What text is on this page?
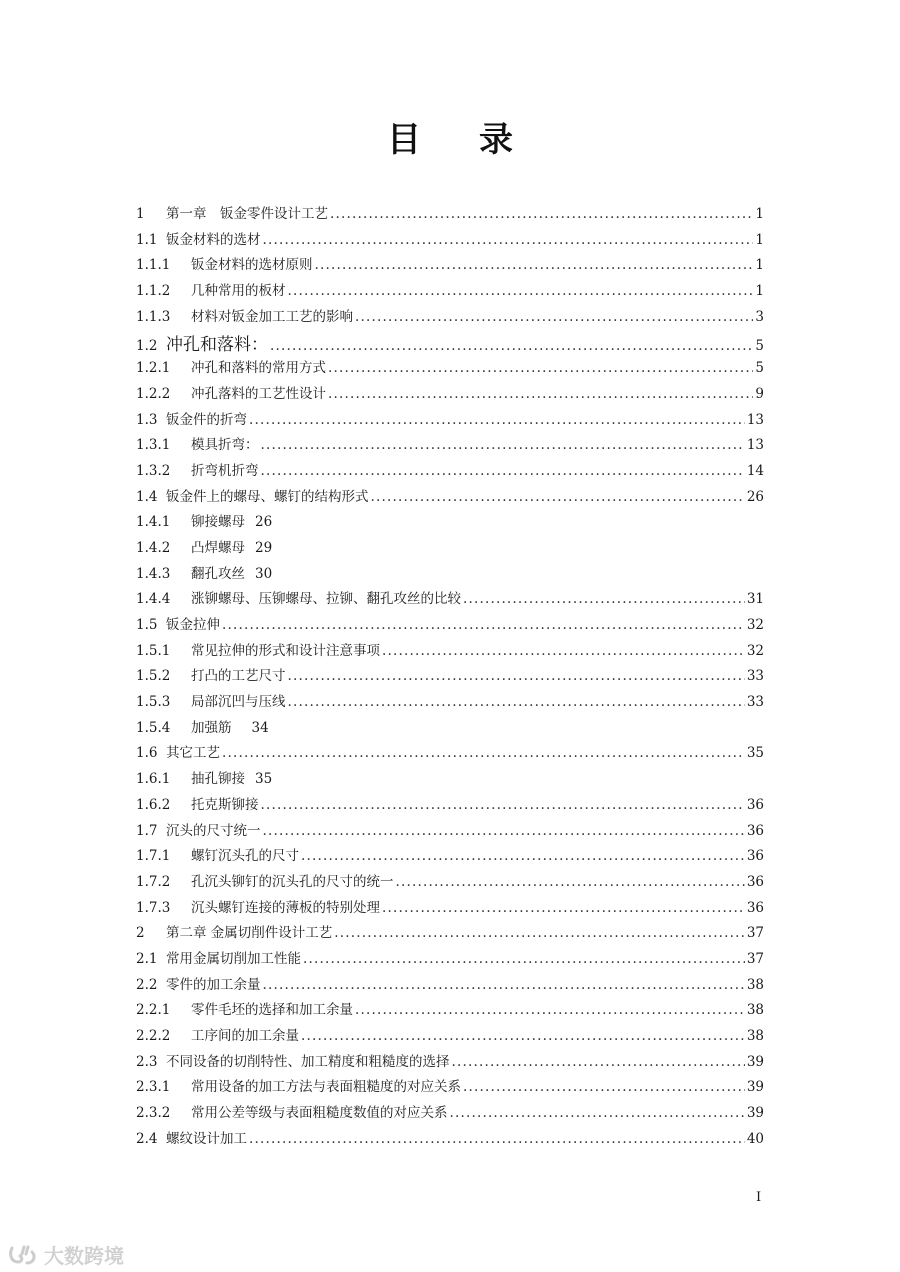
目 录
1	第一章　钣金零件设计工艺 .....	1
1.1 钣金材料的选材 .....	1
1.1.1	钣金材料的选材原则 .....	1
1.1.2	几种常用的板材 .....	1
1.1.3	材料对钣金加工工艺的影响 .....	3
1.2 冲孔和落料： .....	5
1.2.1	冲孔和落料的常用方式 .....	5
1.2.2	冲孔落料的工艺性设计 .....	9
1.3 钣金件的折弯 .....	13
1.3.1	模具折弯： .....	13
1.3.2	折弯机折弯 .....	14
1.4 钣金件上的螺母、螺钉的结构形式 .....	26
1.4.1	铆接螺母 26
1.4.2	凸焊螺母 29
1.4.3	翻孔攻丝 30
1.4.4	涨铆螺母、压铆螺母、拉铆、翻孔攻丝的比较 .....	31
1.5 钣金拉伸 .....	32
1.5.1	常见拉伸的形式和设计注意事项 .....	32
1.5.2	打凸的工艺尺寸 .....	33
1.5.3	局部沉凹与压线 .....	33
1.5.4	加强筋 34
1.6 其它工艺 .....	35
1.6.1	抽孔铆接 35
1.6.2	托克斯铆接 .....	36
1.7 沉头的尺寸统一 .....	36
1.7.1	螺钉沉头孔的尺寸 .....	36
1.7.2	孔沉头铆钉的沉头孔的尺寸的统一 .....	36
1.7.3	沉头螺钉连接的薄板的特别处理 .....	36
2	第二章 金属切削件设计工艺 .....	37
2.1 常用金属切削加工性能 .....	37
2.2 零件的加工余量 .....	38
2.2.1	零件毛坯的选择和加工余量 .....	38
2.2.2	工序间的加工余量 .....	38
2.3 不同设备的切削特性、加工精度和粗糙度的选择 .....	39
2.3.1	常用设备的加工方法与表面粗糙度的对应关系 .....	39
2.3.2	常用公差等级与表面粗糙度数值的对应关系 .....	39
2.4 螺纹设计加工 .....	40
I
大数跨境
